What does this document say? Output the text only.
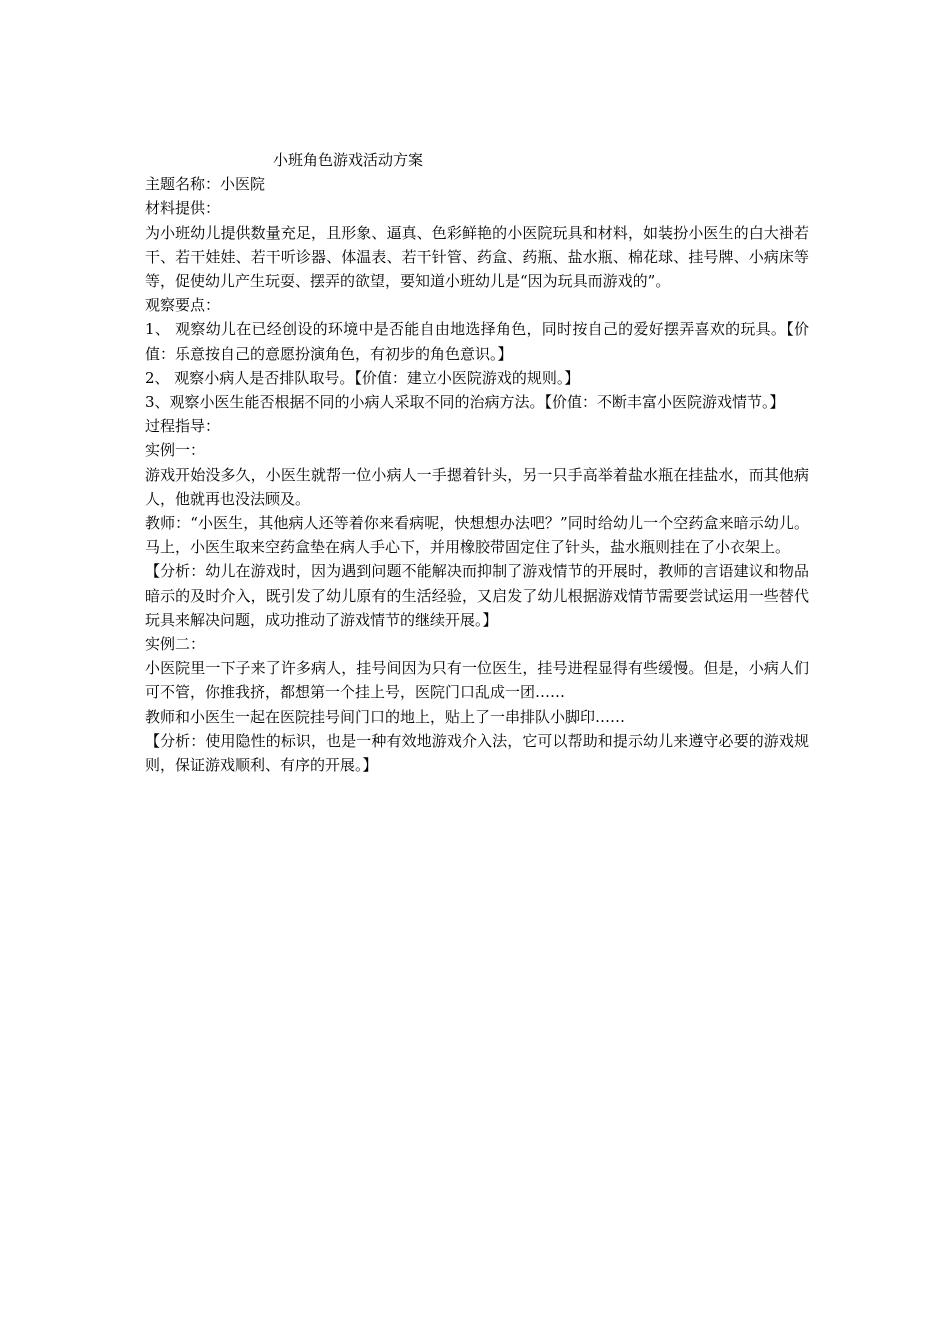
小班角色游戏活动方案

主题名称：小医院

材料提供：

为小班幼儿提供数量充足，且形象、逼真、色彩鲜艳的小医院玩具和材料，如装扮小医生的白大褂若干、若干娃娃、若干听诊器、体温表、若干针管、药盒、药瓶、盐水瓶、棉花球、挂号牌、小病床等等，促使幼儿产生玩耍、摆弄的欲望，要知道小班幼儿是“因为玩具而游戏的”。

观察要点：

1、 观察幼儿在已经创设的环境中是否能自由地选择角色，同时按自己的爱好摆弄喜欢的玩具。【价值：乐意按自己的意愿扮演角色，有初步的角色意识。】

2、 观察小病人是否排队取号。【价值：建立小医院游戏的规则。】

3、观察小医生能否根据不同的小病人采取不同的治病方法。【价值：不断丰富小医院游戏情节。】

过程指导：

实例一：

游戏开始没多久，小医生就帮一位小病人一手摁着针头，另一只手高举着盐水瓶在挂盐水，而其他病人，他就再也没法顾及。

教师：“小医生，其他病人还等着你来看病呢，快想想办法吧？”同时给幼儿一个空药盒来暗示幼儿。马上，小医生取来空药盒垫在病人手心下，并用橡胶带固定住了针头，盐水瓶则挂在了小衣架上。

【分析：幼儿在游戏时，因为遇到问题不能解决而抑制了游戏情节的开展时，教师的言语建议和物品暗示的及时介入，既引发了幼儿原有的生活经验，又启发了幼儿根据游戏情节需要尝试运用一些替代玩具来解决问题，成功推动了游戏情节的继续开展。】

实例二：

小医院里一下子来了许多病人，挂号间因为只有一位医生，挂号进程显得有些缓慢。但是，小病人们可不管，你推我挤，都想第一个挂上号，医院门口乱成一团……

教师和小医生一起在医院挂号间门口的地上，贴上了一串排队小脚印……

【分析：使用隐性的标识，也是一种有效地游戏介入法，它可以帮助和提示幼儿来遵守必要的游戏规则，保证游戏顺利、有序的开展。】
